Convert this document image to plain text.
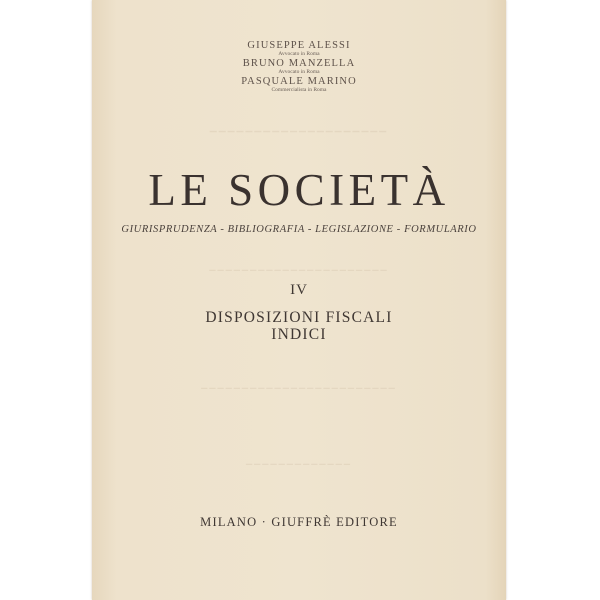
▁▁▁▁▁▁▁▁▁▁▁▁▁▁▁▁▁▁▁▁
▁▁▁▁▁▁▁▁▁▁▁▁▁▁▁▁▁▁▁▁▁▁
▁▁▁▁▁▁▁▁▁▁▁▁▁▁▁▁▁▁▁▁▁▁▁▁
▁▁▁▁▁▁▁▁▁▁▁▁▁
GIUSEPPE ALESSI
Avvocato in Roma
BRUNO MANZELLA
Avvocato in Roma
PASQUALE MARINO
Commercialista in Roma
LE SOCIETÀ
GIURISPRUDENZA - BIBLIOGRAFIA - LEGISLAZIONE - FORMULARIO
IV
DISPOSIZIONI FISCALI
INDICI
MILANO · GIUFFRÈ EDITORE
